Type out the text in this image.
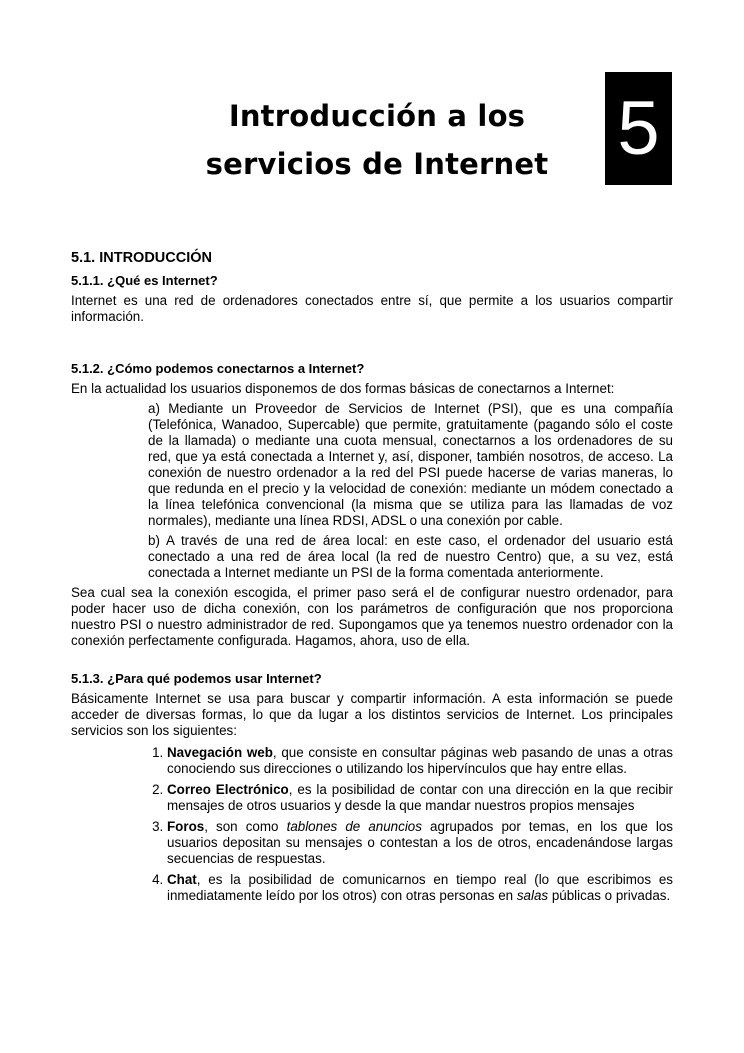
Introducción a los
servicios de Internet 5
5.1. INTRODUCCIÓN
5.1.1. ¿Qué es Internet?

Internet es una red de ordenadores conectados entre sí, que permite a los usuarios compartir información.

5.1.2. ¿Cómo podemos conectarnos a Internet?

En la actualidad los usuarios disponemos de dos formas básicas de conectarnos a Internet:

a) Mediante un Proveedor de Servicios de Internet (PSI), que es una compañía (Telefónica, Wanadoo, Supercable) que permite, gratuitamente (pagando sólo el coste de la llamada) o mediante una cuota mensual, conectarnos a los ordenadores de su red, que ya está conectada a Internet y, así, disponer, también nosotros, de acceso. La conexión de nuestro ordenador a la red del PSI puede hacerse de varias maneras, lo que redunda en el precio y la velocidad de conexión: mediante un módem conectado a la línea telefónica convencional (la misma que se utiliza para las llamadas de voz normales), mediante una línea RDSI, ADSL o una conexión por cable.

b) A través de una red de área local: en este caso, el ordenador del usuario está conectado a una red de área local (la red de nuestro Centro) que, a su vez, está conectada a Internet mediante un PSI de la forma comentada anteriormente.

Sea cual sea la conexión escogida, el primer paso será el de configurar nuestro ordenador, para poder hacer uso de dicha conexión, con los parámetros de configuración que nos proporciona nuestro PSI o nuestro administrador de red. Supongamos que ya tenemos nuestro ordenador con la conexión perfectamente configurada. Hagamos, ahora, uso de ella.

5.1.3. ¿Para qué podemos usar Internet?

Básicamente Internet se usa para buscar y compartir información. A esta información se puede acceder de diversas formas, lo que da lugar a los distintos servicios de Internet. Los principales servicios son los siguientes:

1. Navegación web, que consiste en consultar páginas web pasando de unas a otras conociendo sus direcciones o utilizando los hipervínculos que hay entre ellas.
2. Correo Electrónico, es la posibilidad de contar con una dirección en la que recibir mensajes de otros usuarios y desde la que mandar nuestros propios mensajes
3. Foros, son como tablones de anuncios agrupados por temas, en los que los usuarios depositan su mensajes o contestan a los de otros, encadenándose largas secuencias de respuestas.
4. Chat, es la posibilidad de comunicarnos en tiempo real (lo que escribimos es inmediatamente leído por los otros) con otras personas en salas públicas o privadas.
